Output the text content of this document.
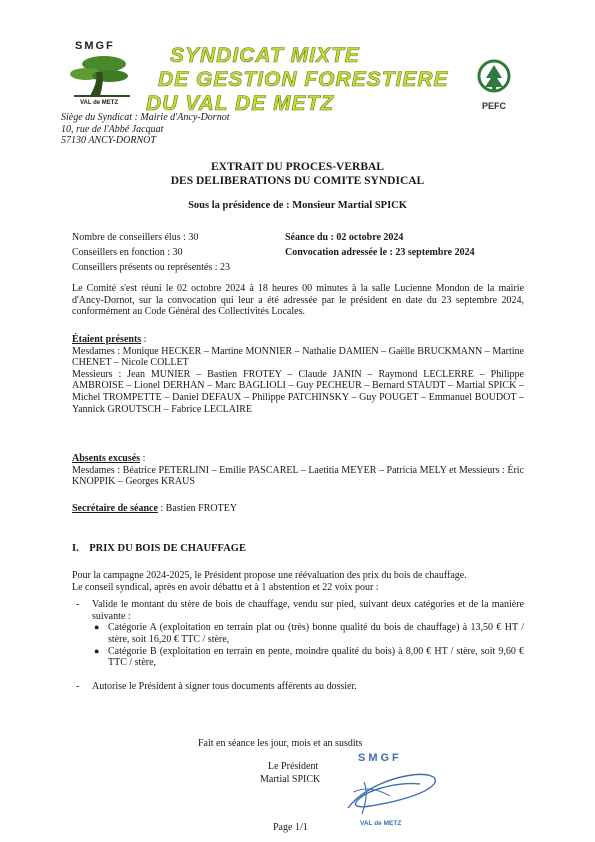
SMGF
VAL de METZ
SYNDICAT MIXTE
DE GESTION FORESTIERE
DU VAL DE METZ	PEFC
Siège du Syndicat : Mairie d'Ancy-Dornot
10, rue de l'Abbé Jacquat
57130 ANCY-DORNOT
EXTRAIT DU PROCES-VERBAL
DES DELIBERATIONS DU COMITE SYNDICAL
Sous la présidence de : Monsieur Martial SPICK
Nombre de conseillers élus : 30
Conseillers en fonction : 30
Conseillers présents ou représentés : 23
Séance du : 02 octobre 2024
Convocation adressée le : 23 septembre 2024
Le Comité s'est réuni le 02 octobre 2024 à 18 heures 00 minutes à la salle Lucienne Mondon de la mairie d'Ancy-Dornot, sur la convocation qui leur a été adressée par le président en date du 23 septembre 2024, conformément au Code Général des Collectivités Locales.

Étaient présents :

Mesdames : Monique HECKER – Martine MONNIER – Nathalie DAMIEN – Gaëlle BRUCKMANN – Martine CHENET – Nicole COLLET

Messieurs : Jean MUNIER – Bastien FROTEY – Claude JANIN – Raymond LECLERRE – Philippe AMBROISE – Lionel DERHAN – Marc BAGLIOLI – Guy PECHEUR – Bernard STAUDT – Martial SPICK – Michel TROMPETTE – Daniel DEFAUX – Philippe PATCHINSKY – Guy POUGET – Emmanuel BOUDOT – Yannick GROUTSCH – Fabrice LECLAIRE

Absents excusés :

Mesdames : Béatrice PETERLINI – Emilie PASCAREL – Laetitia MEYER – Patricia MELY et Messieurs : Éric KNOPPIK – Georges KRAUS

Secrétaire de séance : Bastien FROTEY
I.    PRIX DU BOIS DE CHAUFFAGE

Pour la campagne 2024-2025, le Président propose une réévaluation des prix du bois de chauffage.

Le conseil syndical, après en avoir débattu et à 1 abstention et 22 voix pour :

- Valide le montant du stère de bois de chauffage, vendu sur pied, suivant deux catégories et de la manière suivante :
● Catégorie A (exploitation en terrain plat ou (très) bonne qualité du bois de chauffage) à 13,50 € HT / stère, soit 16,20 € TTC / stère,
● Catégorie B (exploitation en terrain en pente, moindre qualité du bois) à 8,00 € HT / stère, soit 9,60 € TTC / stère,
- Autorise le Président à signer tous documents afférents au dossier.
Fait en séance les jour, mois et an susdits
Le Président
Martial SPICK
SMGF
VAL de METZ
Page 1/1
